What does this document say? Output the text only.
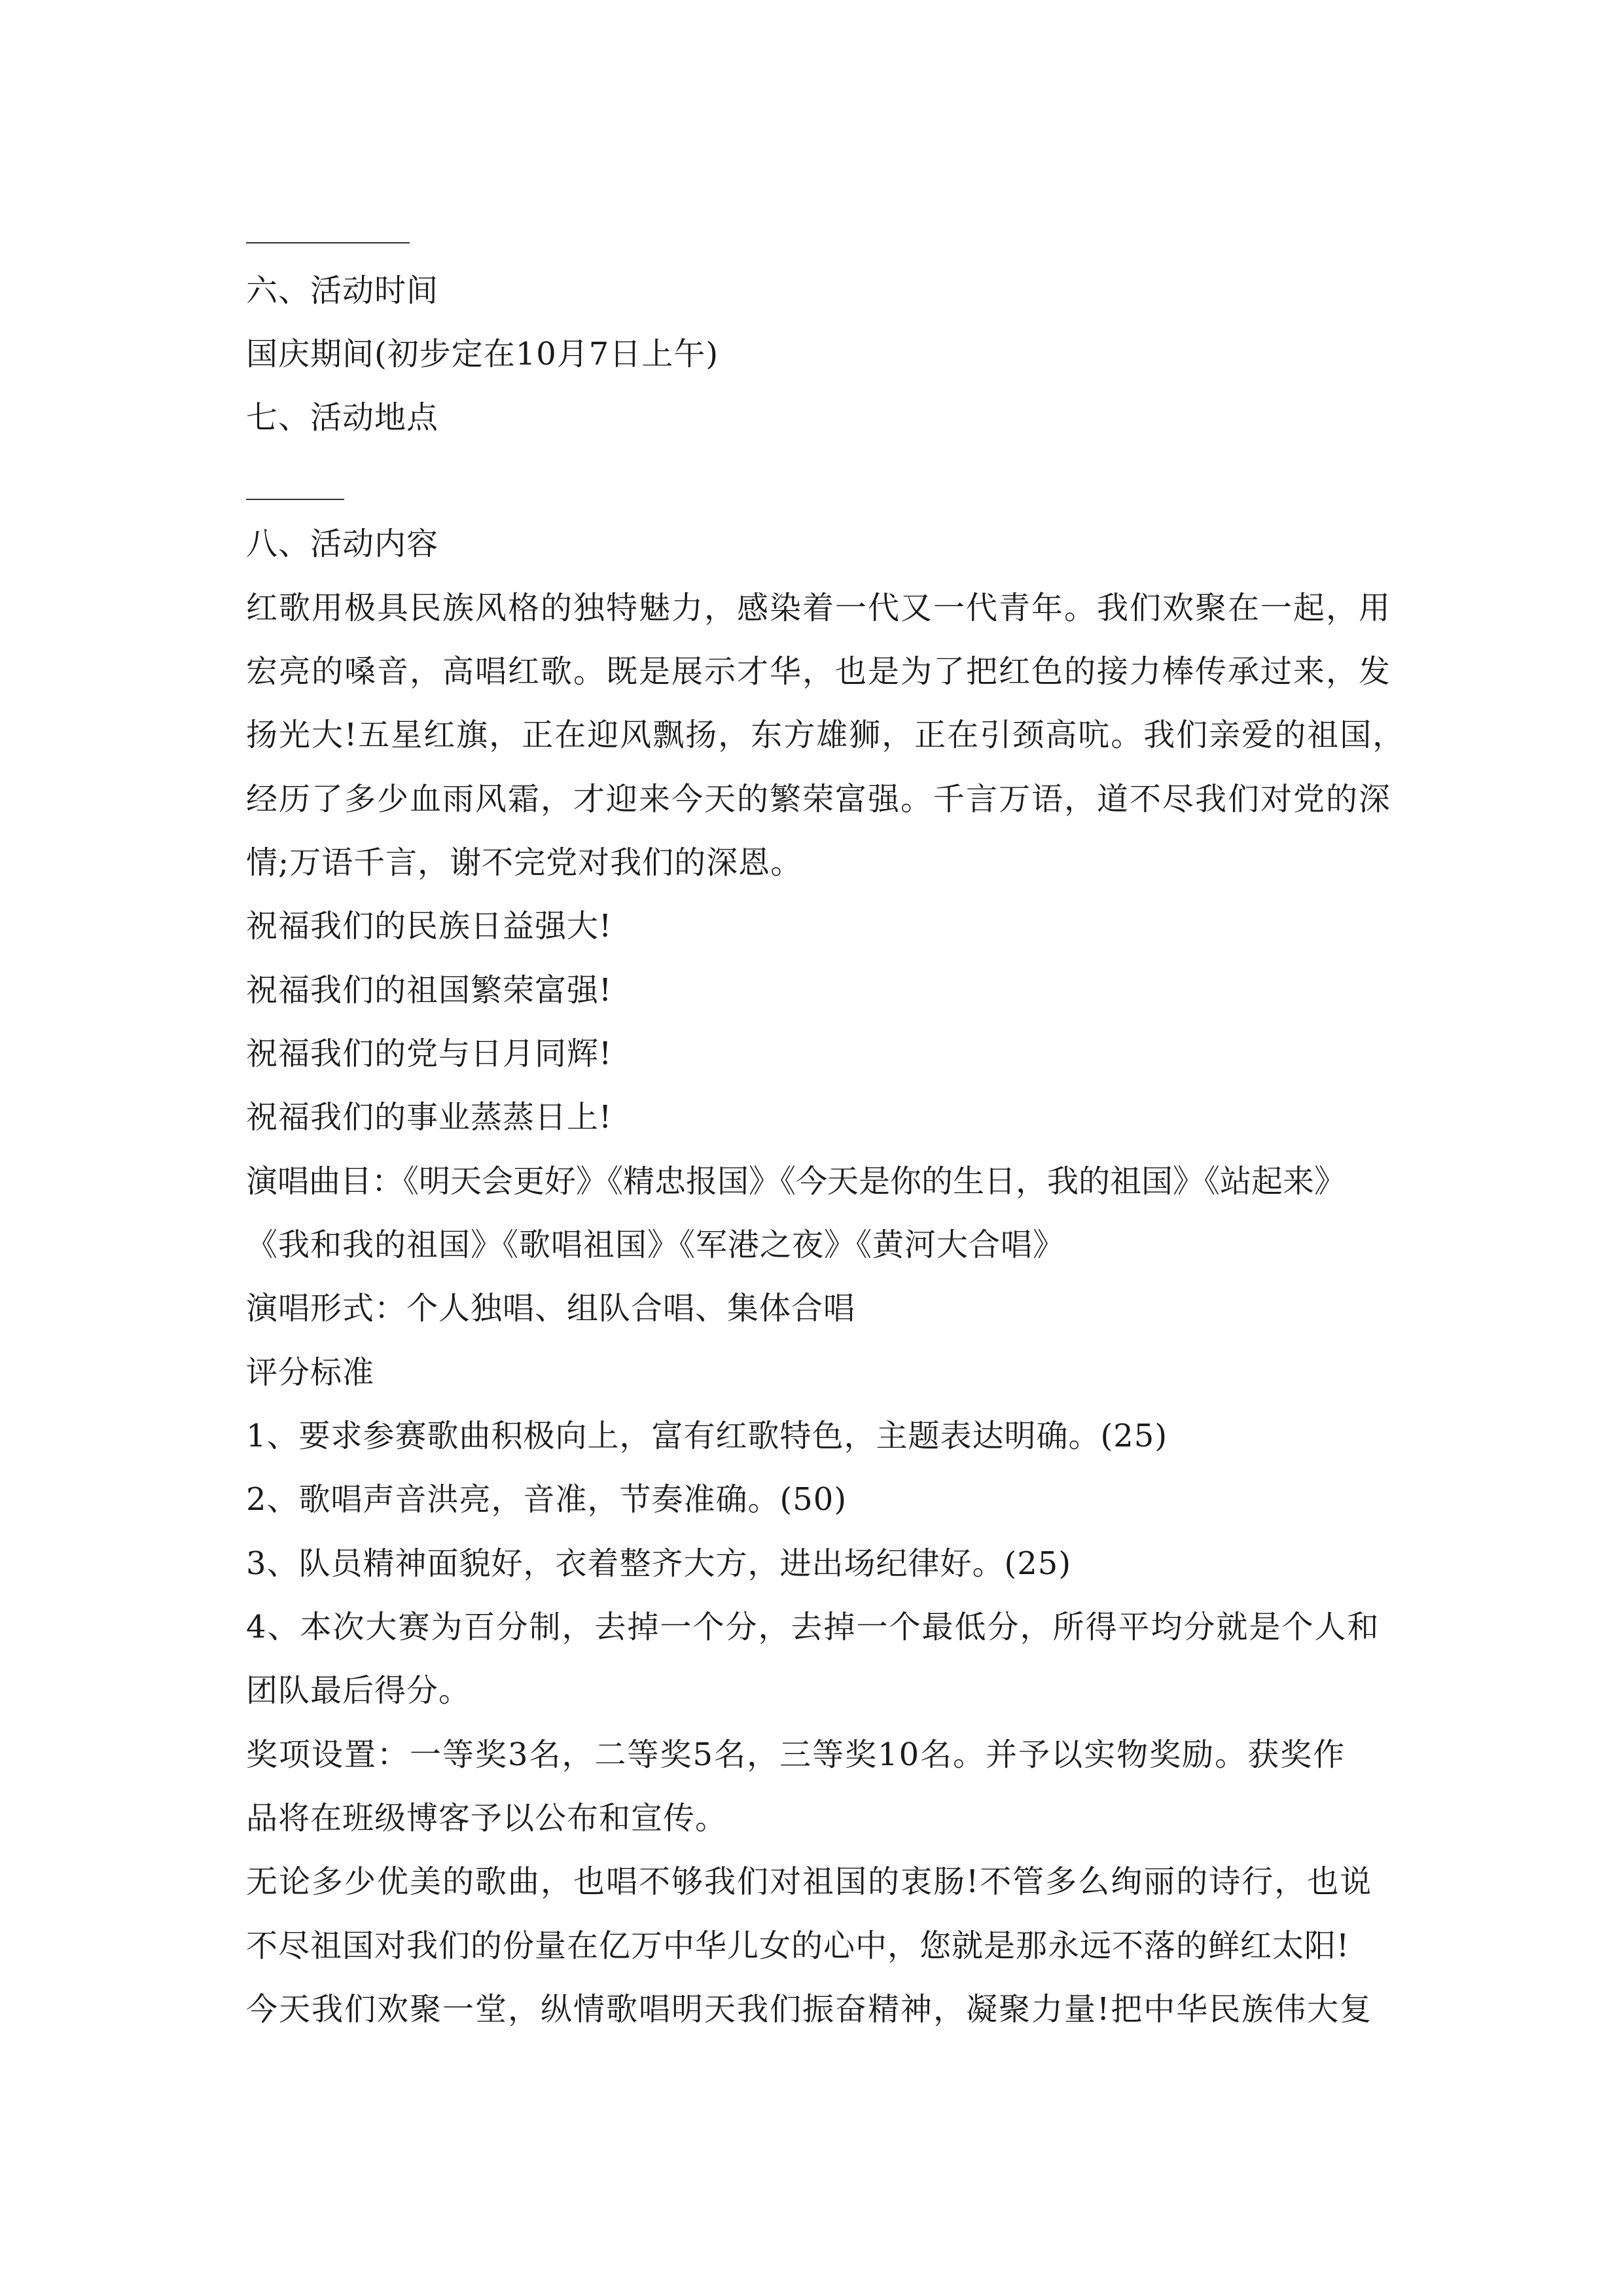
六、活动时间
国庆期间(初步定在10月7日上午)
七、活动地点
八、活动内容
红歌用极具民族风格的独特魅力，感染着一代又一代青年。我们欢聚在一起，用
宏亮的嗓音，高唱红歌。既是展示才华，也是为了把红色的接力棒传承过来，发
扬光大!五星红旗，正在迎风飘扬，东方雄狮，正在引颈高吭。我们亲爱的祖国，
经历了多少血雨风霜，才迎来今天的繁荣富强。千言万语，道不尽我们对党的深
情;万语千言，谢不完党对我们的深恩。
祝福我们的民族日益强大!
祝福我们的祖国繁荣富强!
祝福我们的党与日月同辉!
祝福我们的事业蒸蒸日上!
演唱曲目：《明天会更好》《精忠报国》《今天是你的生日，我的祖国》《站起来》
《我和我的祖国》《歌唱祖国》《军港之夜》《黄河大合唱》
演唱形式：个人独唱、组队合唱、集体合唱
评分标准
1、要求参赛歌曲积极向上，富有红歌特色，主题表达明确。(25)
2、歌唱声音洪亮，音准，节奏准确。(50)
3、队员精神面貌好，衣着整齐大方，进出场纪律好。(25)
4、本次大赛为百分制，去掉一个分，去掉一个最低分，所得平均分就是个人和
团队最后得分。
奖项设置：一等奖3名，二等奖5名，三等奖10名。并予以实物奖励。获奖作
品将在班级博客予以公布和宣传。
无论多少优美的歌曲，也唱不够我们对祖国的衷肠!不管多么绚丽的诗行，也说
不尽祖国对我们的份量在亿万中华儿女的心中，您就是那永远不落的鲜红太阳!
今天我们欢聚一堂，纵情歌唱明天我们振奋精神，凝聚力量!把中华民族伟大复
